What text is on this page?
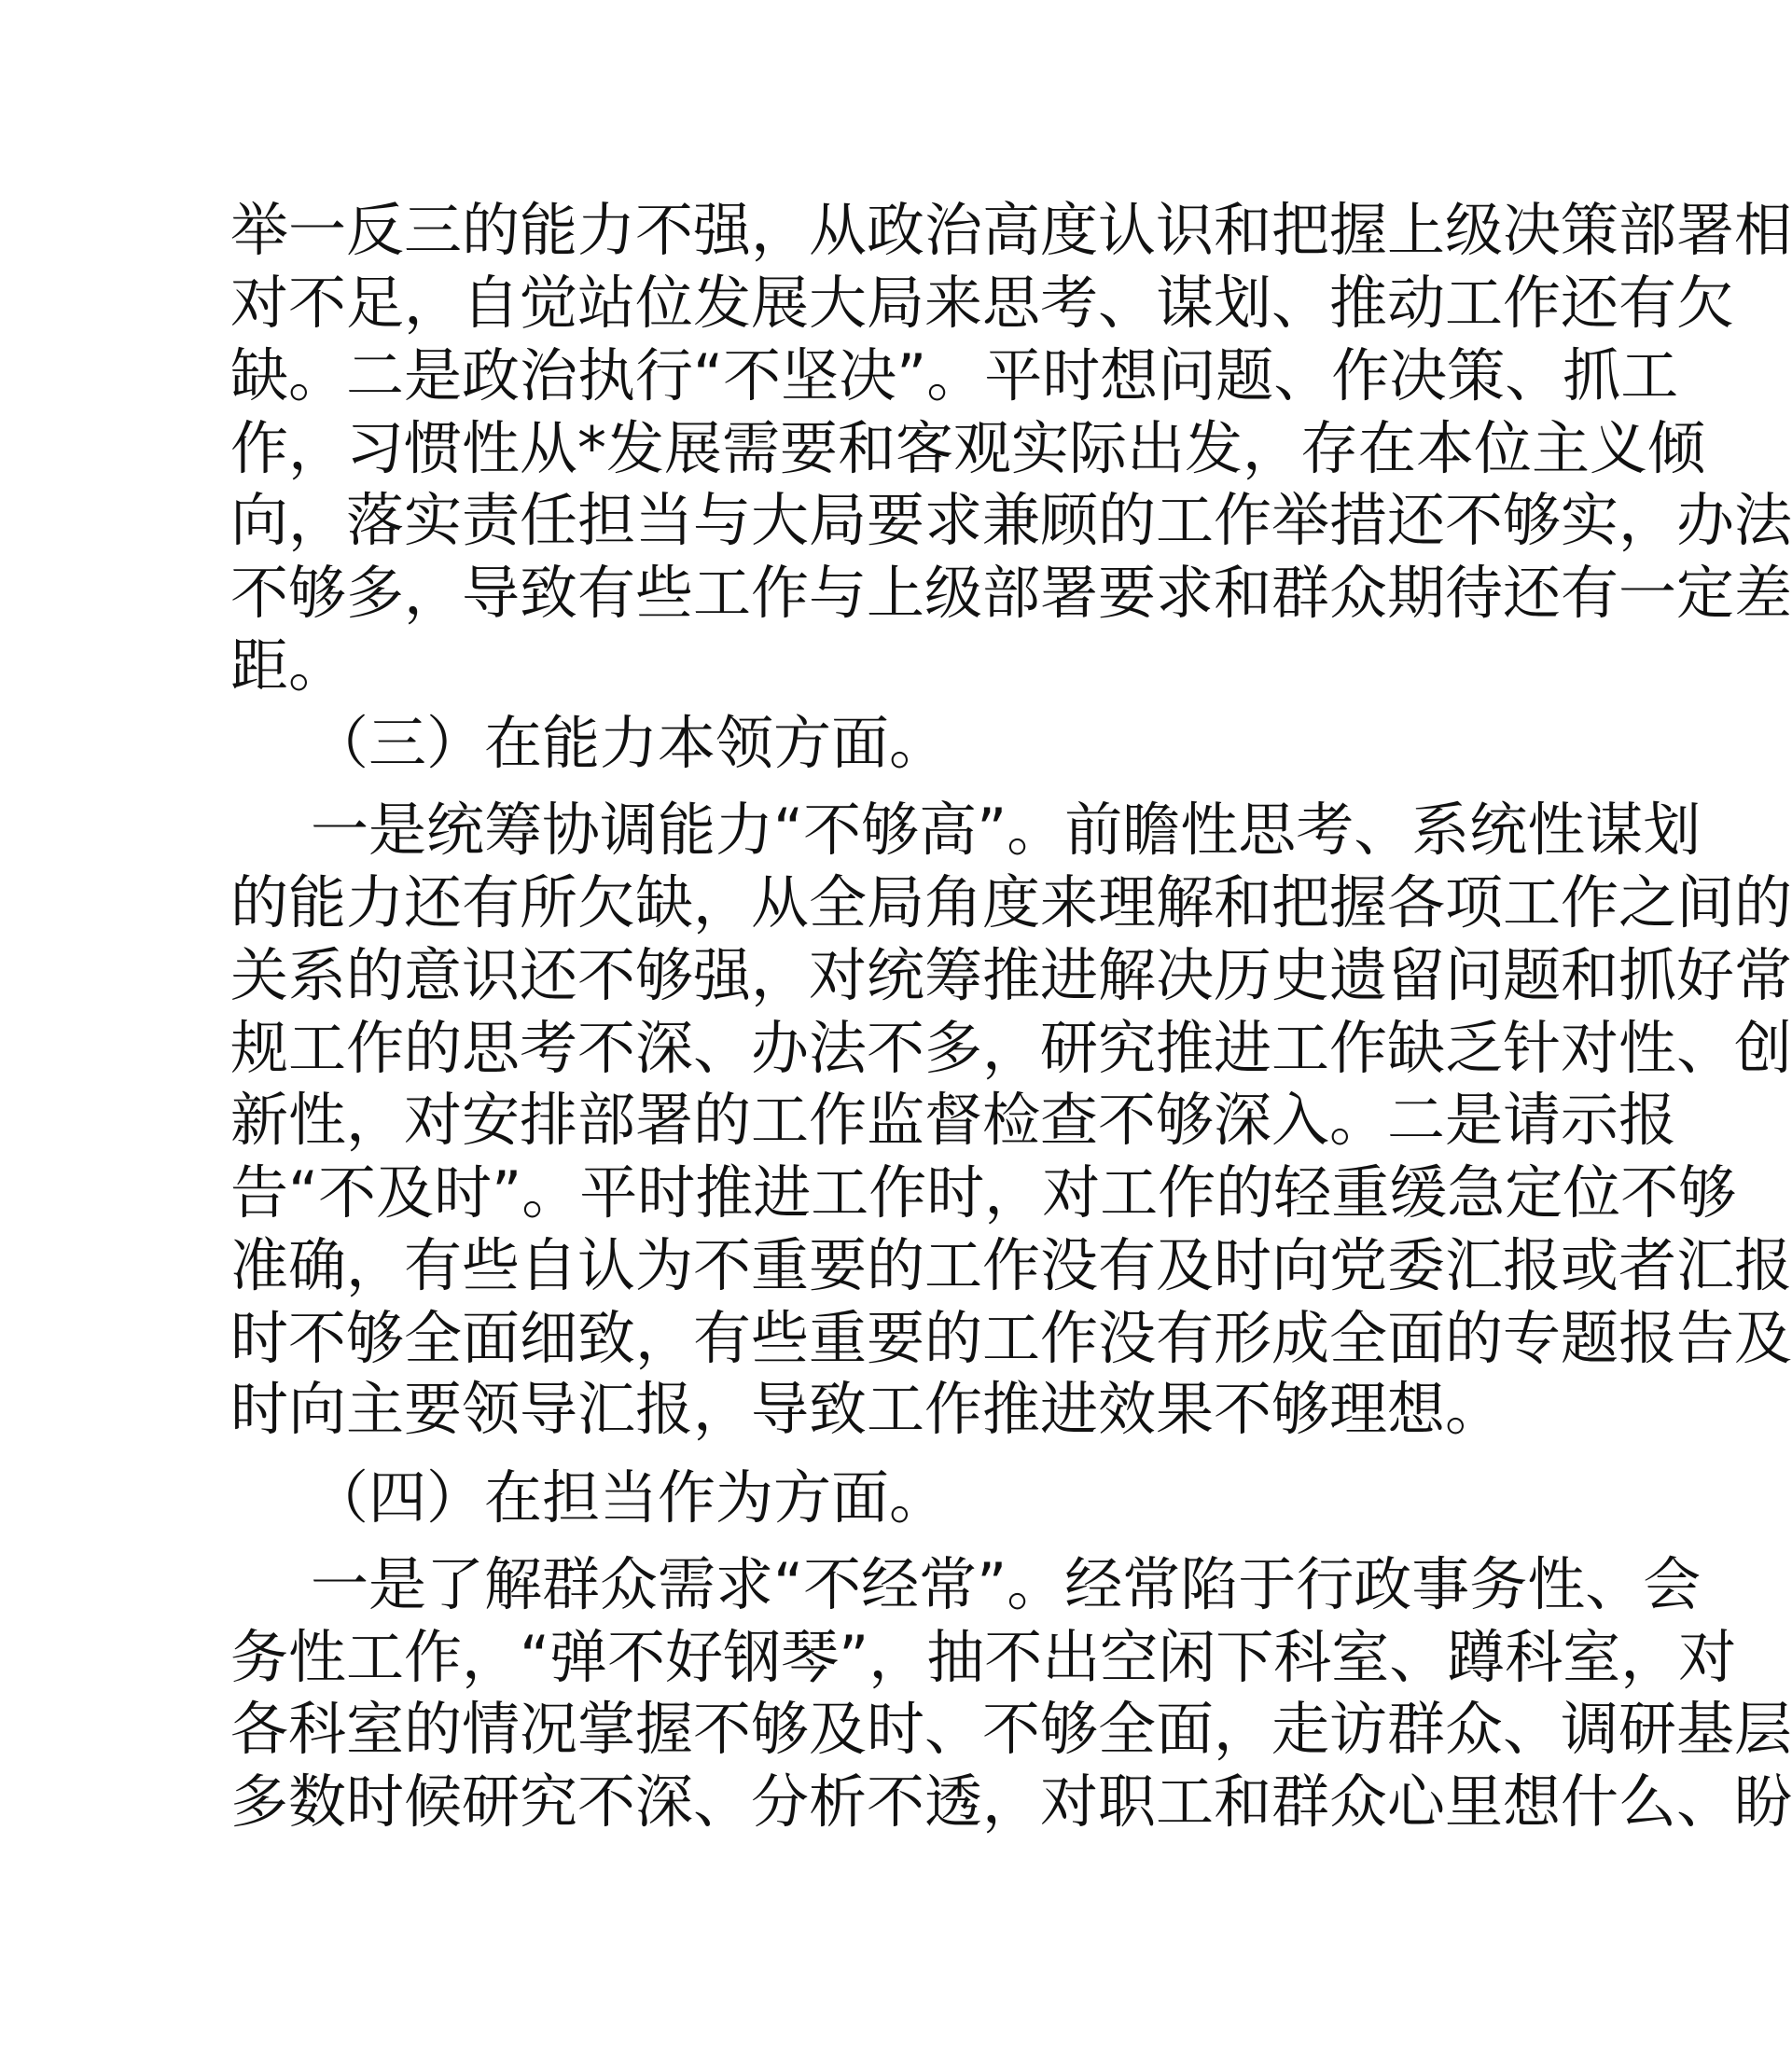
举一反三的能力不强，从政治高度认识和把握上级决策部署相
对不足，自觉站位发展大局来思考、谋划、推动工作还有欠
缺。二是政治执行“不坚决”。平时想问题、作决策、抓工
作，习惯性从*发展需要和客观实际出发，存在本位主义倾
向，落实责任担当与大局要求兼顾的工作举措还不够实，办法
不够多，导致有些工作与上级部署要求和群众期待还有一定差
距。
（三）在能力本领方面。
一是统筹协调能力“不够高”。前瞻性思考、系统性谋划
的能力还有所欠缺，从全局角度来理解和把握各项工作之间的
关系的意识还不够强，对统筹推进解决历史遗留问题和抓好常
规工作的思考不深、办法不多，研究推进工作缺乏针对性、创
新性，对安排部署的工作监督检查不够深入。二是请示报
告“不及时”。平时推进工作时，对工作的轻重缓急定位不够
准确，有些自认为不重要的工作没有及时向党委汇报或者汇报
时不够全面细致，有些重要的工作没有形成全面的专题报告及
时向主要领导汇报，导致工作推进效果不够理想。
（四）在担当作为方面。
一是了解群众需求“不经常”。经常陷于行政事务性、会
务性工作，“弹不好钢琴”，抽不出空闲下科室、蹲科室，对
各科室的情况掌握不够及时、不够全面，走访群众、调研基层
多数时候研究不深、分析不透，对职工和群众心里想什么、盼
